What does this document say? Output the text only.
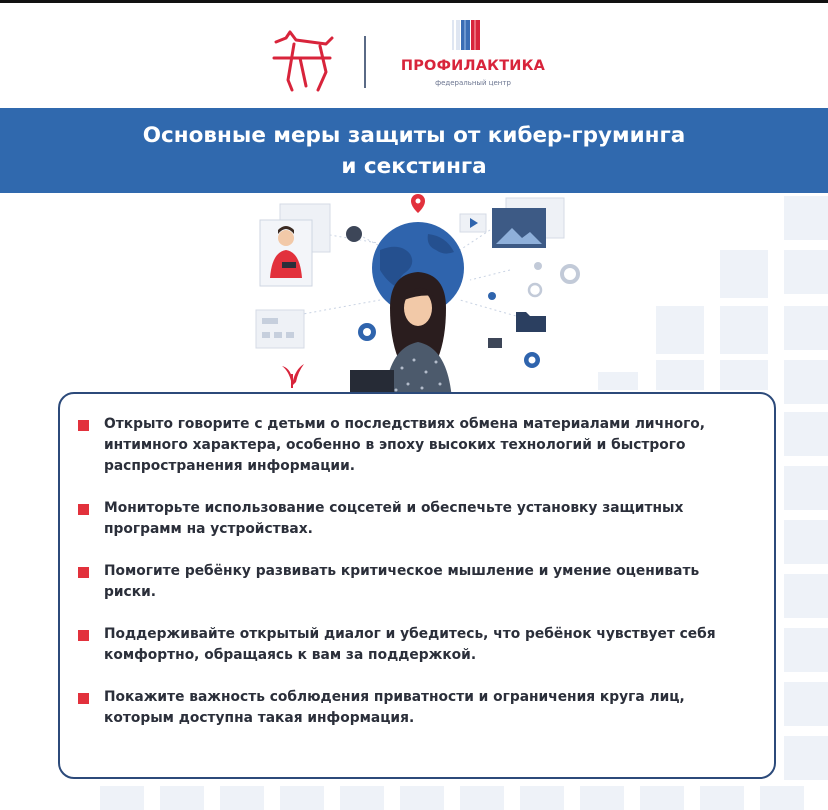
ПРОФИЛАКТИКА
федеральный центр
Основные меры защиты от кибер-груминга
и секстинга
Открыто говорите с детьми о последствиях обмена материалами личного, интимного характера, особенно в эпоху высоких технологий и быстрого распространения информации.
Мониторьте использование соцсетей и обеспечьте установку защитных программ на устройствах.
Помогите ребёнку развивать критическое мышление и умение оценивать риски.
Поддерживайте открытый диалог и убедитесь, что ребёнок чувствует себя комфортно, обращаясь к вам за поддержкой.
Покажите важность соблюдения приватности и ограничения круга лиц, которым доступна такая информация.
